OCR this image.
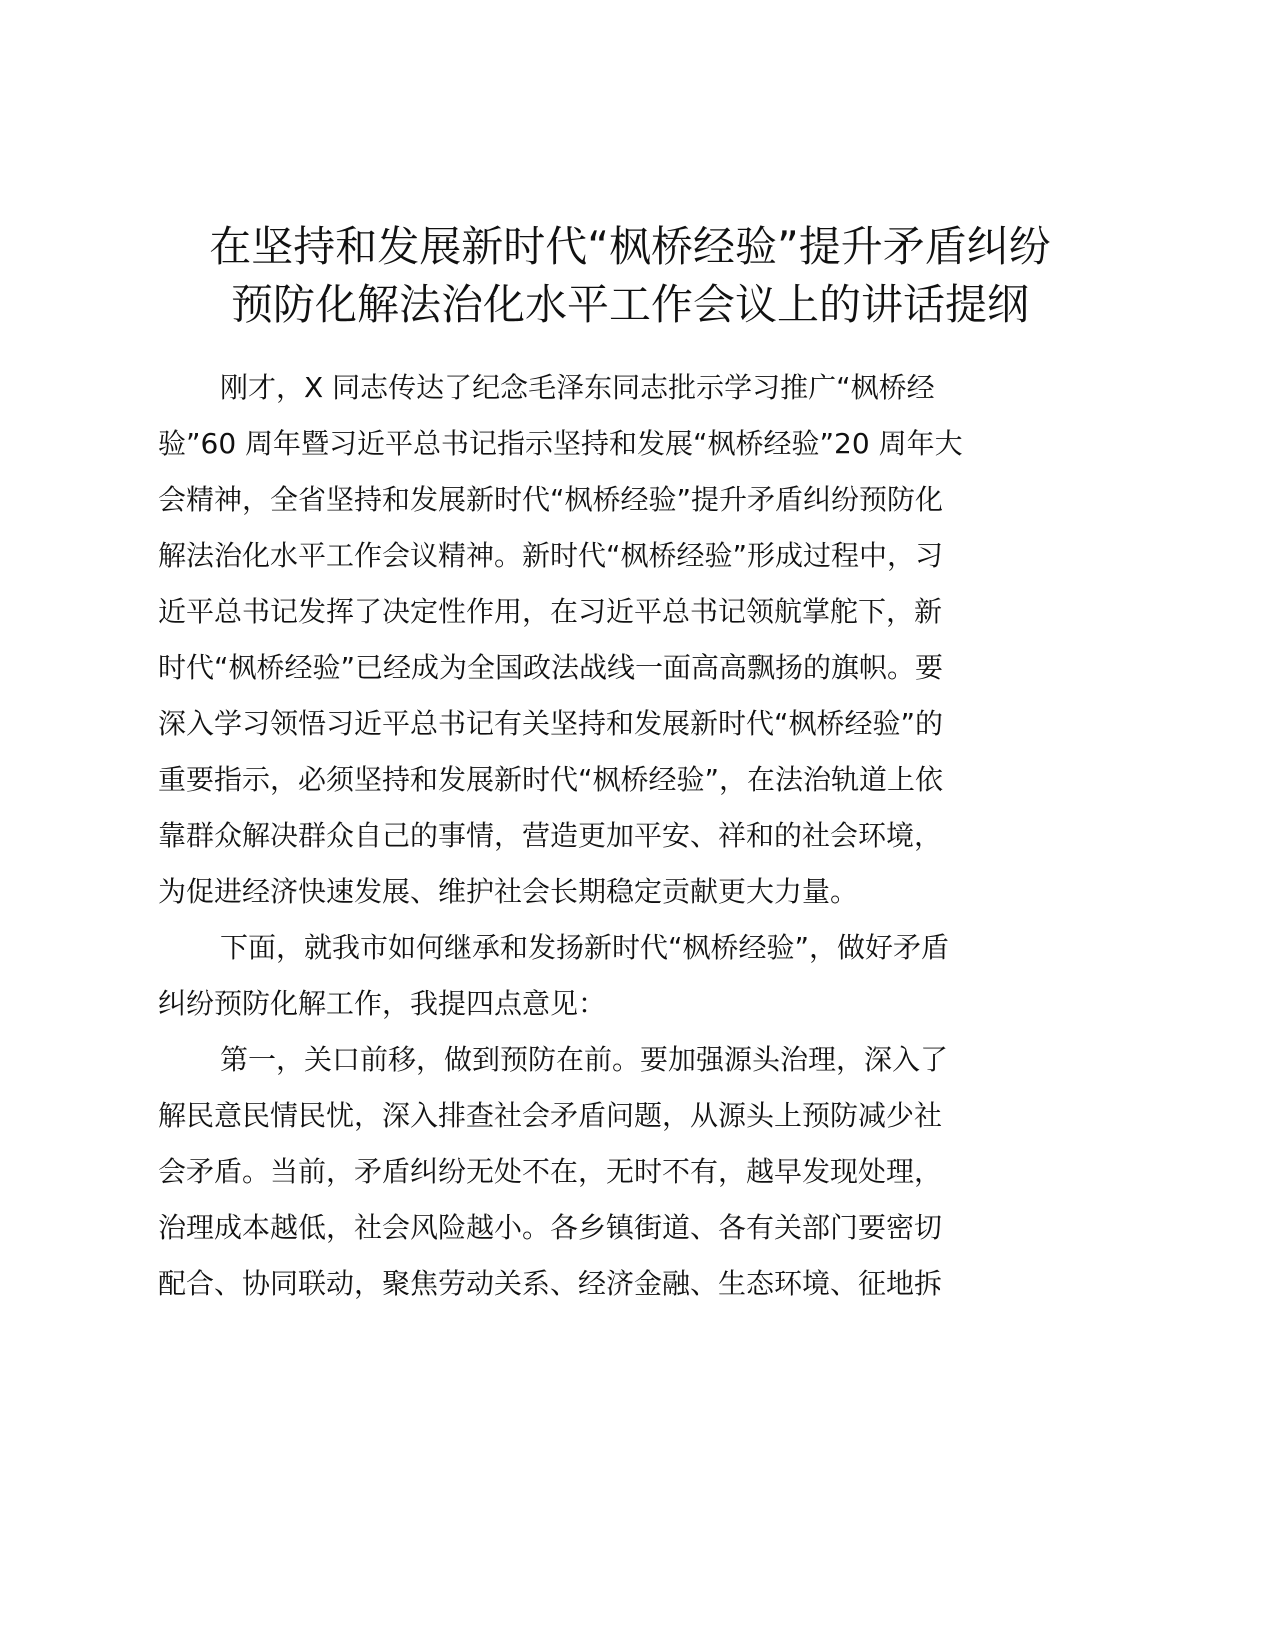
在坚持和发展新时代“枫桥经验”提升矛盾纠纷
预防化解法治化水平工作会议上的讲话提纲

刚才，X 同志传达了纪念毛泽东同志批示学习推广“枫桥经
验”60 周年暨习近平总书记指示坚持和发展“枫桥经验”20 周年大
会精神，全省坚持和发展新时代“枫桥经验”提升矛盾纠纷预防化
解法治化水平工作会议精神。新时代“枫桥经验”形成过程中，习
近平总书记发挥了决定性作用，在习近平总书记领航掌舵下，新
时代“枫桥经验”已经成为全国政法战线一面高高飘扬的旗帜。要
深入学习领悟习近平总书记有关坚持和发展新时代“枫桥经验”的
重要指示，必须坚持和发展新时代“枫桥经验”，在法治轨道上依
靠群众解决群众自己的事情，营造更加平安、祥和的社会环境，
为促进经济快速发展、维护社会长期稳定贡献更大力量。

下面，就我市如何继承和发扬新时代“枫桥经验”，做好矛盾
纠纷预防化解工作，我提四点意见：

第一，关口前移，做到预防在前。要加强源头治理，深入了
解民意民情民忧，深入排查社会矛盾问题，从源头上预防减少社
会矛盾。当前，矛盾纠纷无处不在，无时不有，越早发现处理，
治理成本越低，社会风险越小。各乡镇街道、各有关部门要密切
配合、协同联动，聚焦劳动关系、经济金融、生态环境、征地拆
